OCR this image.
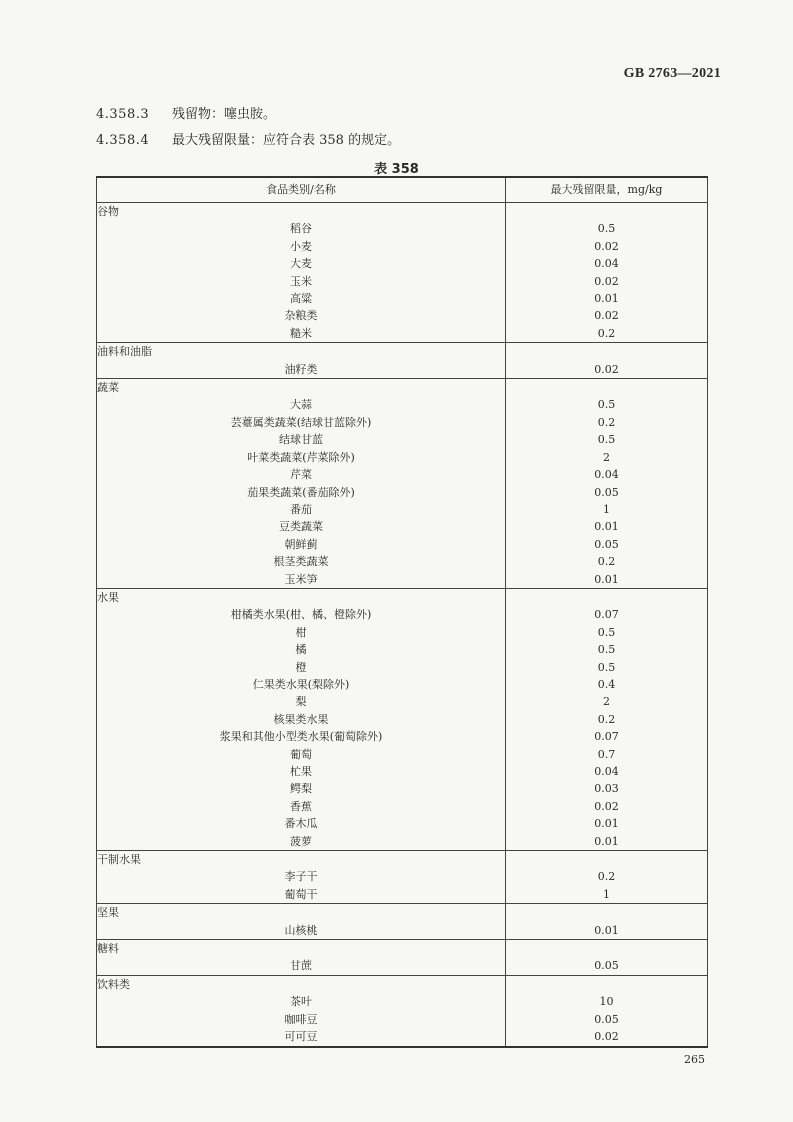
GB 2763—2021
4.358.3 残留物：噻虫胺。
4.358.4 最大残留限量：应符合表 358 的规定。
表 358
食品类别/名称	最大残留限量，mg/kg
谷物	
稻谷	0.5
小麦	0.02
大麦	0.04
玉米	0.02
高粱	0.01
杂粮类	0.02
糙米	0.2
油料和油脂	
油籽类	0.02
蔬菜	
大蒜	0.5
芸薹属类蔬菜(结球甘蓝除外)	0.2
结球甘蓝	0.5
叶菜类蔬菜(芹菜除外)	2
芹菜	0.04
茄果类蔬菜(番茄除外)	0.05
番茄	1
豆类蔬菜	0.01
朝鲜蓟	0.05
根茎类蔬菜	0.2
玉米笋	0.01
水果	
柑橘类水果(柑、橘、橙除外)	0.07
柑	0.5
橘	0.5
橙	0.5
仁果类水果(梨除外)	0.4
梨	2
核果类水果	0.2
浆果和其他小型类水果(葡萄除外)	0.07
葡萄	0.7
杧果	0.04
鳄梨	0.03
香蕉	0.02
番木瓜	0.01
菠萝	0.01
干制水果	
李子干	0.2
葡萄干	1
坚果	
山核桃	0.01
糖料	
甘蔗	0.05
饮料类	
茶叶	10
咖啡豆	0.05
可可豆	0.02
265
